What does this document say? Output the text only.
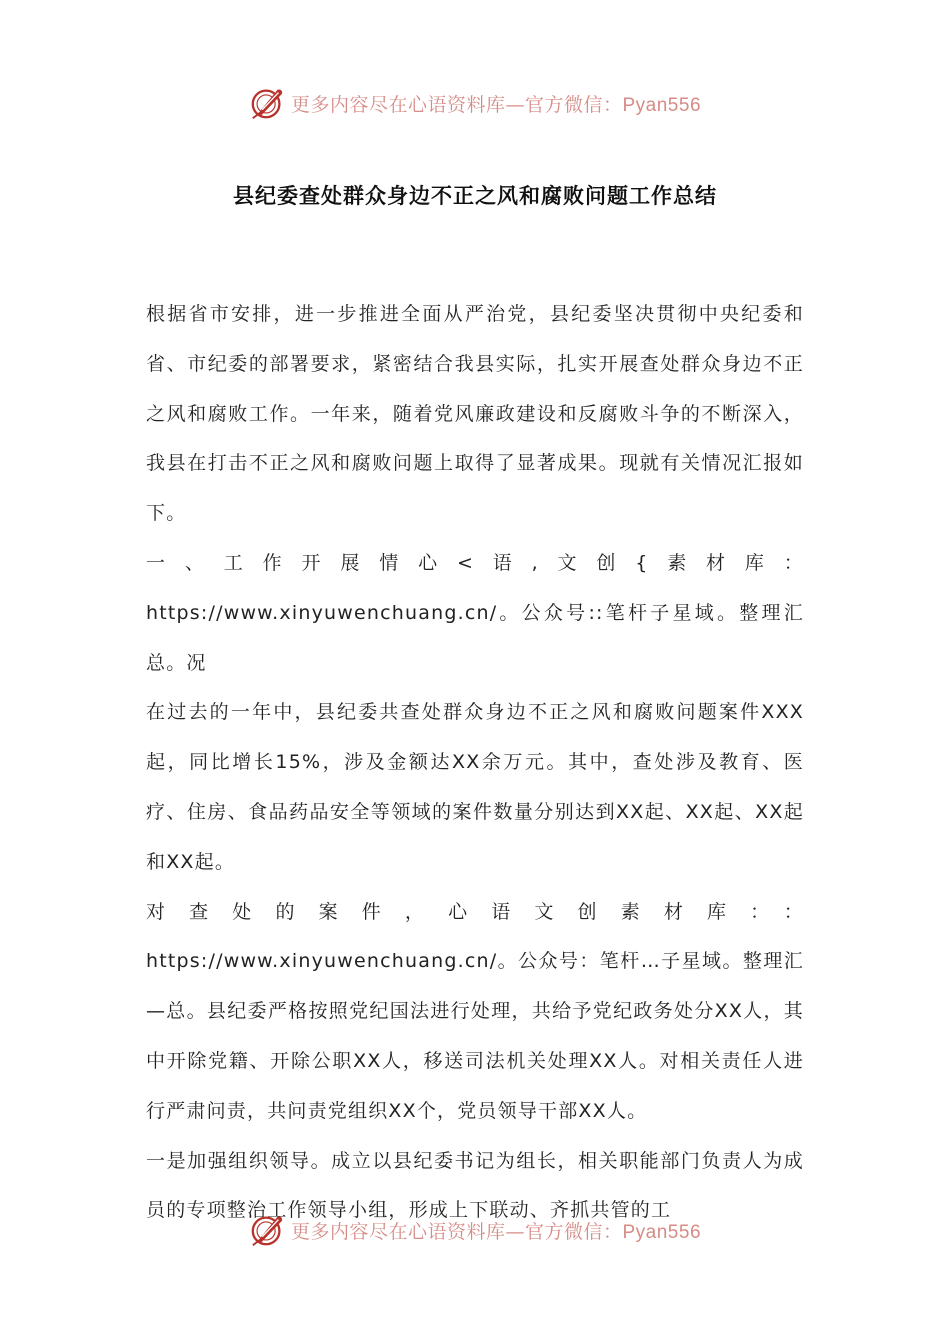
更多内容尽在心语资料库—官方微信：Pyan556
县纪委查处群众身边不正之风和腐败问题工作总结

根据省市安排，进一步推进全面从严治党，县纪委坚决贯彻中央纪委和省、市纪委的部署要求，紧密结合我县实际，扎实开展查处群众身边不正之风和腐败工作。一年来，随着党风廉政建设和反腐败斗争的不断深入，我县在打击不正之风和腐败问题上取得了显著成果。现就有关情况汇报如下。

一、工作开展情心<语,文创{素材库：https://www.xinyuwenchuang.cn/。公众号::笔杆子星域。整理汇总。况

在过去的一年中，县纪委共查处群众身边不正之风和腐败问题案件XXX起，同比增长15%，涉及金额达XX余万元。其中，查处涉及教育、医疗、住房、食品药品安全等领域的案件数量分别达到XX起、XX起、XX起和XX起。

对查处的案件，心语文创素材库：：https://www.xinyuwenchuang.cn/。公众号：笔杆…子星域。整理汇—总。县纪委严格按照党纪国法进行处理，共给予党纪政务处分XX人，其中开除党籍、开除公职XX人，移送司法机关处理XX人。对相关责任人进行严肃问责，共问责党组织XX个，党员领导干部XX人。

一是加强组织领导。成立以县纪委书记为组长，相关职能部门负责人为成员的专项整治工作领导小组，形成上下联动、齐抓共管的工

更多内容尽在心语资料库—官方微信：Pyan556
